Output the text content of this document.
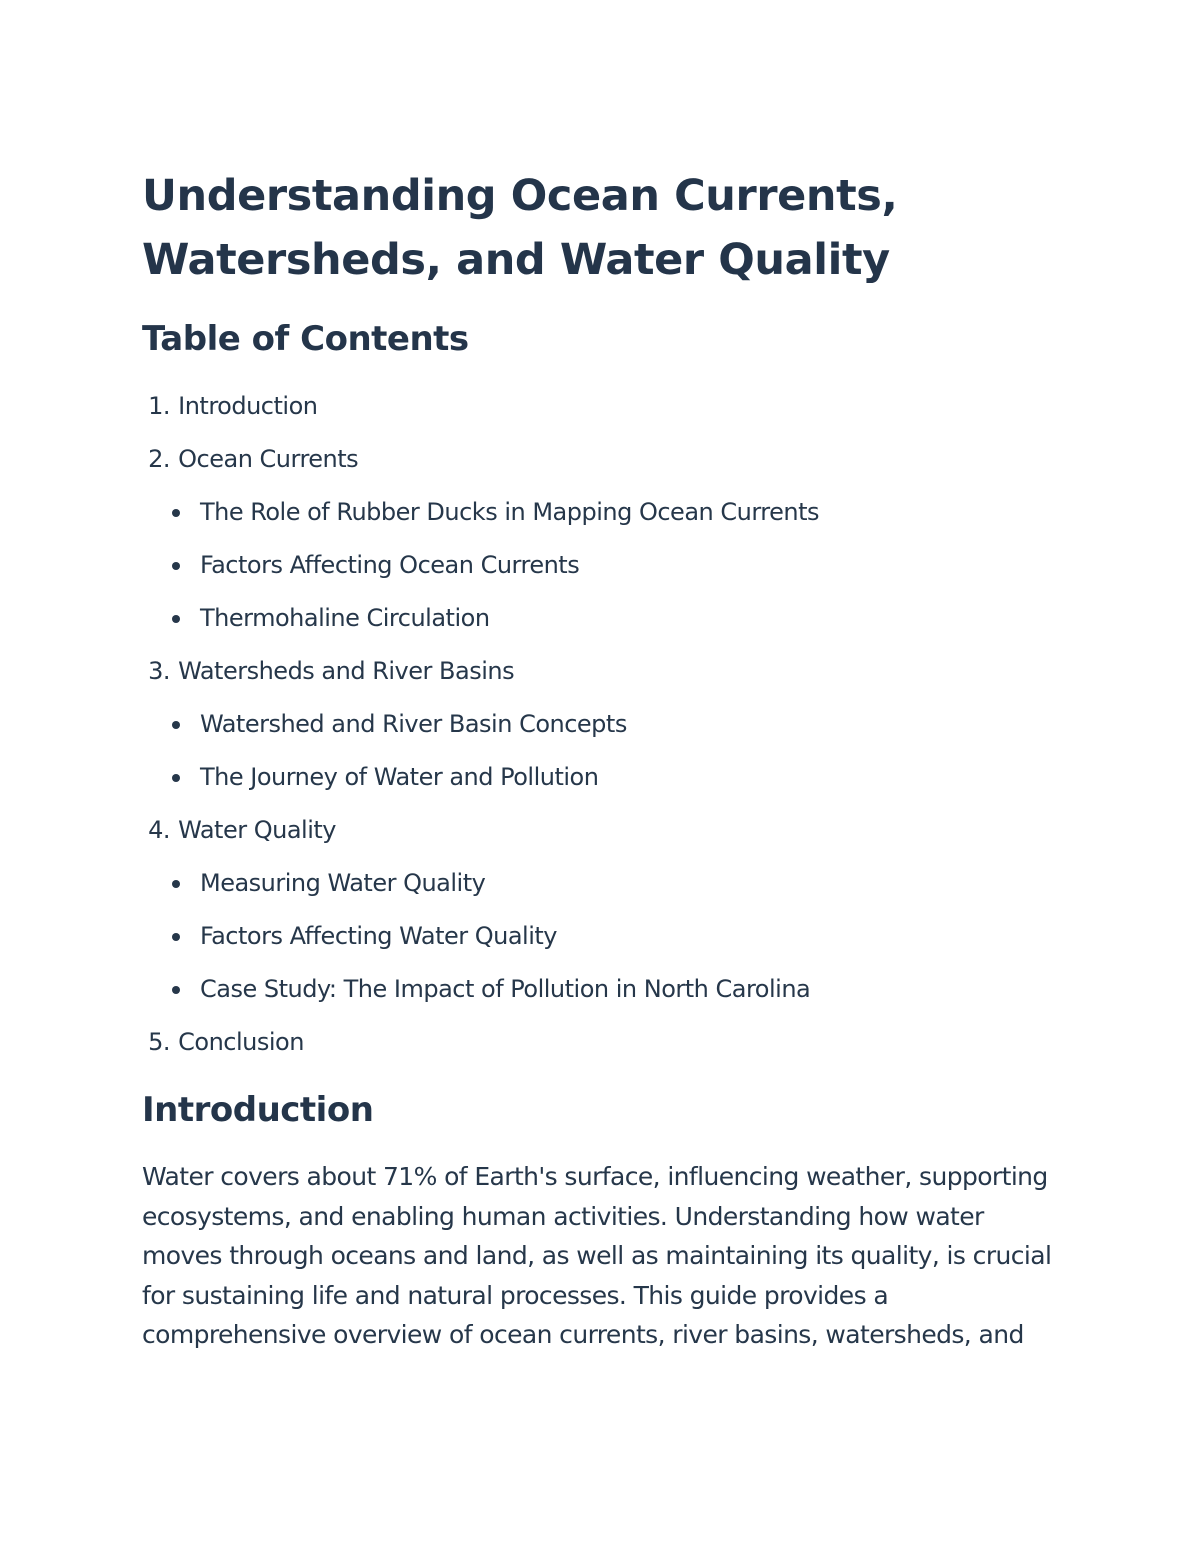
Understanding Ocean Currents,
Watersheds, and Water Quality
Table of Contents
1. Introduction
2. Ocean Currents
The Role of Rubber Ducks in Mapping Ocean Currents
Factors Affecting Ocean Currents
Thermohaline Circulation
3. Watersheds and River Basins
Watershed and River Basin Concepts
The Journey of Water and Pollution
4. Water Quality
Measuring Water Quality
Factors Affecting Water Quality
Case Study: The Impact of Pollution in North Carolina
5. Conclusion
Introduction

Water covers about 71% of Earth's surface, influencing weather, supporting
ecosystems, and enabling human activities. Understanding how water
moves through oceans and land, as well as maintaining its quality, is crucial
for sustaining life and natural processes. This guide provides a
comprehensive overview of ocean currents, river basins, watersheds, and
